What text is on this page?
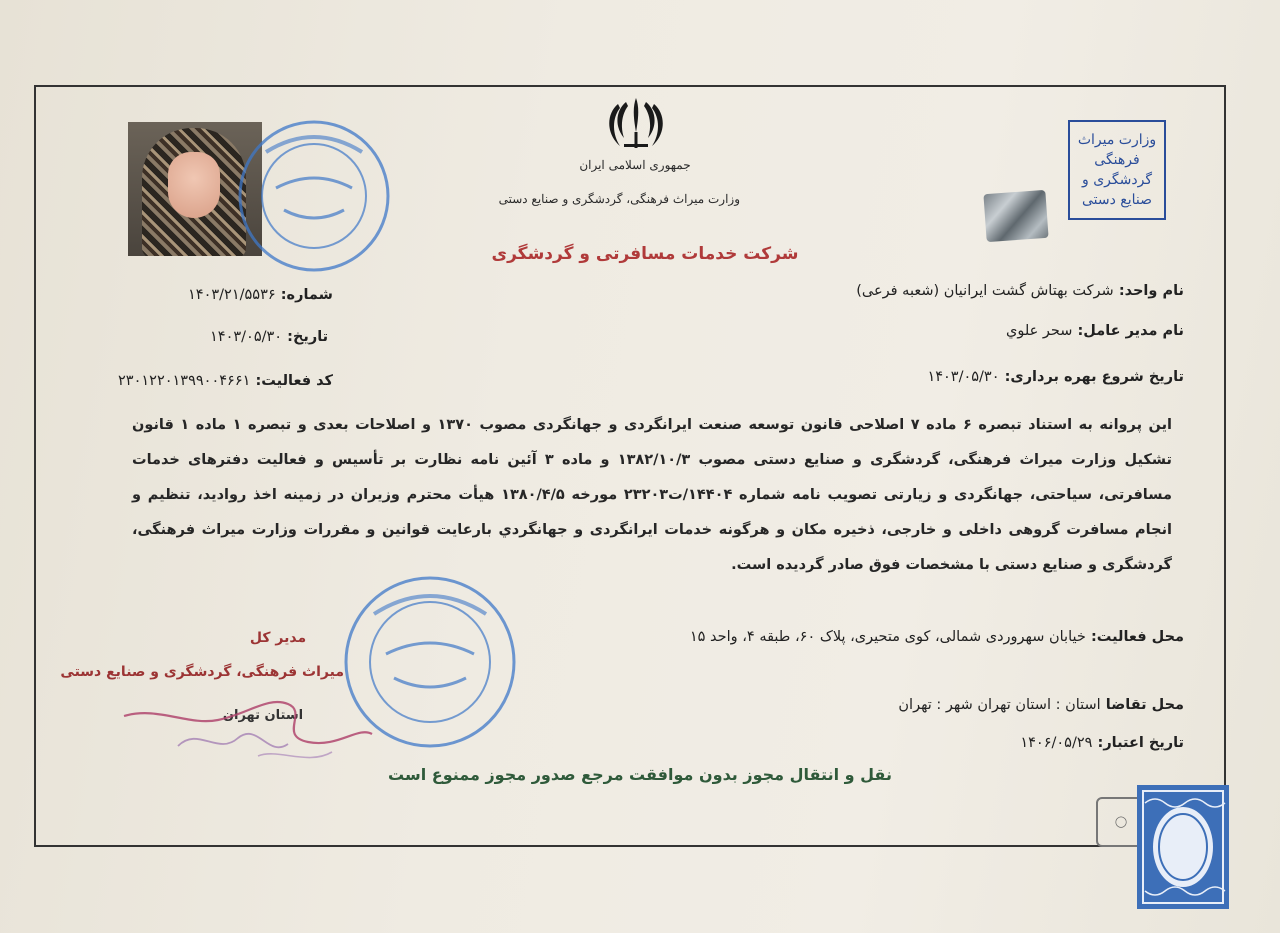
جمهوری اسلامی ایران
وزارت میراث فرهنگی، گردشگری و صنایع دستی
شرکت خدمات مسافرتی و گردشگری
وزارت میراث فرهنگی گردشگری و صنایع دستی
شماره: ۱۴۰۳/۲۱/۵۵۳۶
تاریخ: ۱۴۰۳/۰۵/۳۰
کد فعالیت: ۲۳۰۱۲۲۰۱۳۹۹۰۰۴۶۶۱
نام واحد: شرکت بهتاش گشت ایرانیان (شعبه فرعی)
نام مدیر عامل: سحر علوي
تاریخ شروع بهره برداری: ۱۴۰۳/۰۵/۳۰
این پروانه به استناد تبصره ۶ ماده ۷ اصلاحی قانون توسعه صنعت ایرانگردی و جهانگردی مصوب ۱۳۷۰ و اصلاحات بعدی و تبصره ۱ ماده ۱ قانون تشکیل وزارت میراث فرهنگی، گردشگری و صنایع دستی مصوب ۱۳۸۲/۱۰/۳ و ماده ۳ آئین نامه نظارت بر تأسیس و فعالیت دفترهای خدمات مسافرتی، سیاحتی، جهانگردی و زیارتی تصویب نامه شماره ۱۴۴۰۴/ت۲۳۲۰۳ مورخه ۱۳۸۰/۴/۵ هیأت محترم وزیران در زمینه اخذ روادید، تنظیم و انجام مسافرت گروهی داخلی و خارجی، ذخیره مکان و هرگونه خدمات ایرانگردی و جهانگردي بارعایت قوانین و مقررات وزارت میراث فرهنگی، گردشگری و صنایع دستی با مشخصات فوق صادر گردیده است.
محل فعالیت: خیابان سهروردی شمالی، کوی متحیری، پلاک ۶۰، طبقه ۴، واحد ۱۵
محل تقاضا استان : استان تهران شهر : تهران
تاریخ اعتبار: ۱۴۰۶/۰۵/۲۹
مدیر کل
میراث فرهنگی، گردشگری و صنایع دستی
استان تهران
نقل و انتقال مجوز بدون موافقت مرجع صدور مجوز ممنوع است
◯
